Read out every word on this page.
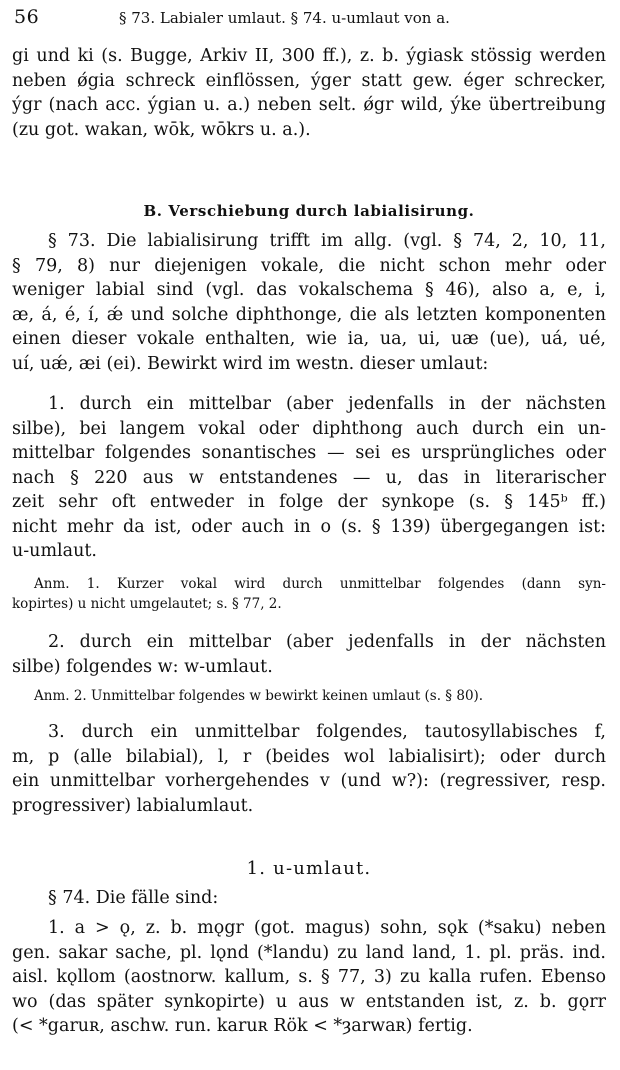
56	§ 73. Labialer umlaut. § 74. u-umlaut von a.
gi und ki (s. Bugge, Arkiv II, 300 ff.), z. b. ýgiask stössig werden
neben ǿgia schreck einflössen, ýger statt gew. éger schrecker,
ýgr (nach acc. ýgian u. a.) neben selt. ǿgr wild, ýke übertreibung
(zu got. wakan, wōk, wōkrs u. a.).
B. Verschiebung durch labialisirung.
§ 73. Die labialisirung trifft im allg. (vgl. § 74, 2, 10, 11,
§ 79, 8) nur diejenigen vokale, die nicht schon mehr oder
weniger labial sind (vgl. das vokalschema § 46), also a, e, i,
æ, á, é, í, ǽ und solche diphthonge, die als letzten komponenten
einen dieser vokale enthalten, wie ia, ua, ui, uæ (ue), uá, ué,
uí, uǽ, æi (ei). Bewirkt wird im westn. dieser umlaut:
1. durch ein mittelbar (aber jedenfalls in der nächsten
silbe), bei langem vokal oder diphthong auch durch ein un-
mittelbar folgendes sonantisches — sei es ursprüngliches oder
nach § 220 aus w entstandenes — u, das in literarischer
zeit sehr oft entweder in folge der synkope (s. § 145ᵇ ff.)
nicht mehr da ist, oder auch in o (s. § 139) übergegangen ist:
u-umlaut.
Anm. 1. Kurzer vokal wird durch unmittelbar folgendes (dann syn-
kopirtes) u nicht umgelautet; s. § 77, 2.
2. durch ein mittelbar (aber jedenfalls in der nächsten
silbe) folgendes w: w-umlaut.
Anm. 2. Unmittelbar folgendes w bewirkt keinen umlaut (s. § 80).
3. durch ein unmittelbar folgendes, tautosyllabisches f,
m, p (alle bilabial), l, r (beides wol labialisirt); oder durch
ein unmittelbar vorhergehendes v (und w?): (regressiver, resp.
progressiver) labialumlaut.
1. u-umlaut.
§ 74. Die fälle sind:
1. a > ǫ, z. b. mǫgr (got. magus) sohn, sǫk (*saku) neben
gen. sakar sache, pl. lǫnd (*landu) zu land land, 1. pl. präs. ind.
aisl. kǫllom (aostnorw. kallum, s. § 77, 3) zu kalla rufen. Ebenso
wo (das später synkopirte) u aus w entstanden ist, z. b. gǫrr
(< *garuʀ, aschw. run. karuʀ Rök < *ȝarwaʀ) fertig.
